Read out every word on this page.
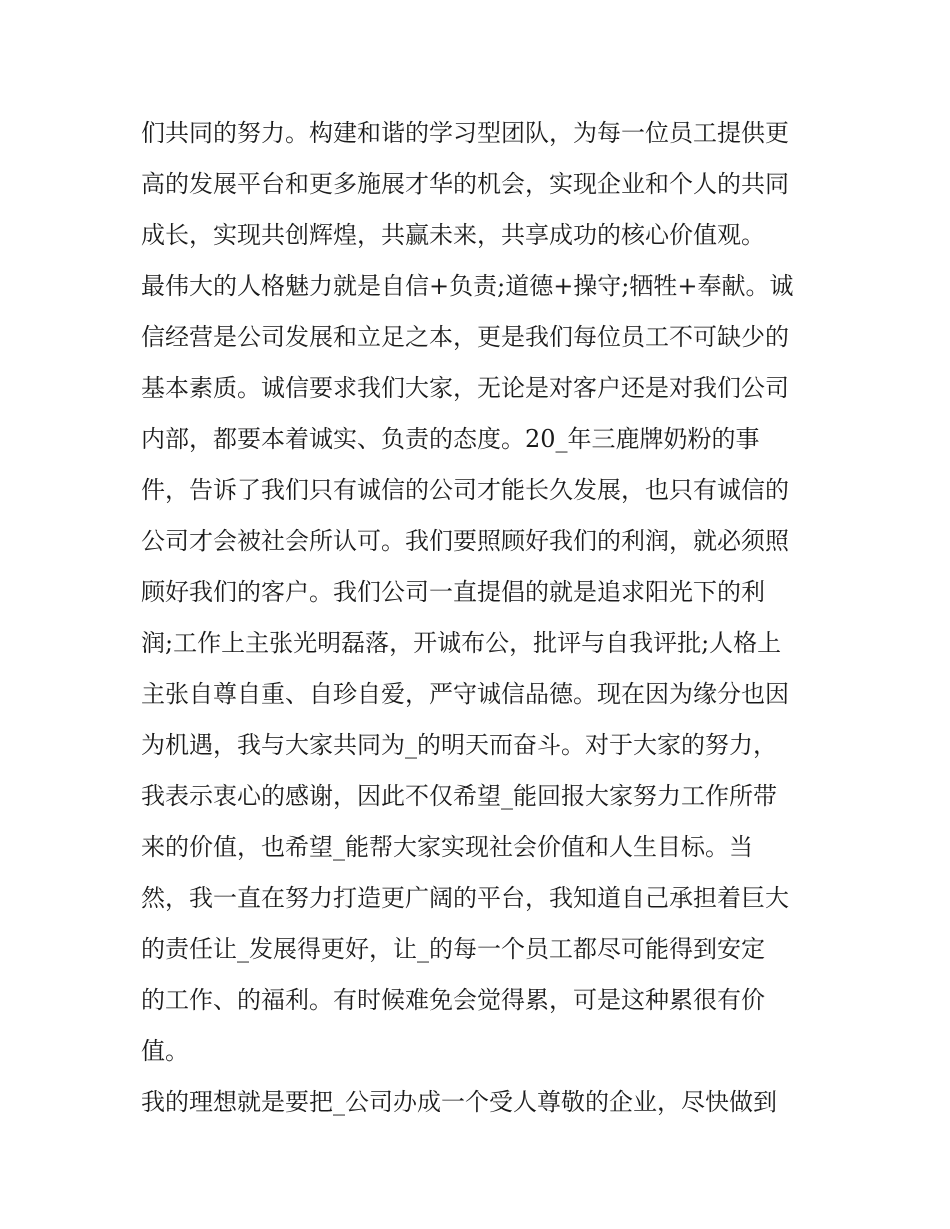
们共同的努力。构建和谐的学习型团队，为每一位员工提供更
高的发展平台和更多施展才华的机会，实现企业和个人的共同
成长，实现共创辉煌，共赢未来，共享成功的核心价值观。
最伟大的人格魅力就是自信+负责;道德+操守;牺牲+奉献。诚
信经营是公司发展和立足之本，更是我们每位员工不可缺少的
基本素质。诚信要求我们大家，无论是对客户还是对我们公司
内部，都要本着诚实、负责的态度。20_年三鹿牌奶粉的事
件，告诉了我们只有诚信的公司才能长久发展，也只有诚信的
公司才会被社会所认可。我们要照顾好我们的利润，就必须照
顾好我们的客户。我们公司一直提倡的就是追求阳光下的利
润;工作上主张光明磊落，开诚布公，批评与自我评批;人格上
主张自尊自重、自珍自爱，严守诚信品德。现在因为缘分也因
为机遇，我与大家共同为_的明天而奋斗。对于大家的努力，
我表示衷心的感谢，因此不仅希望_能回报大家努力工作所带
来的价值，也希望_能帮大家实现社会价值和人生目标。当
然，我一直在努力打造更广阔的平台，我知道自己承担着巨大
的责任让_发展得更好，让_的每一个员工都尽可能得到安定
的工作、的福利。有时候难免会觉得累，可是这种累很有价
值。
我的理想就是要把_公司办成一个受人尊敬的企业，尽快做到
